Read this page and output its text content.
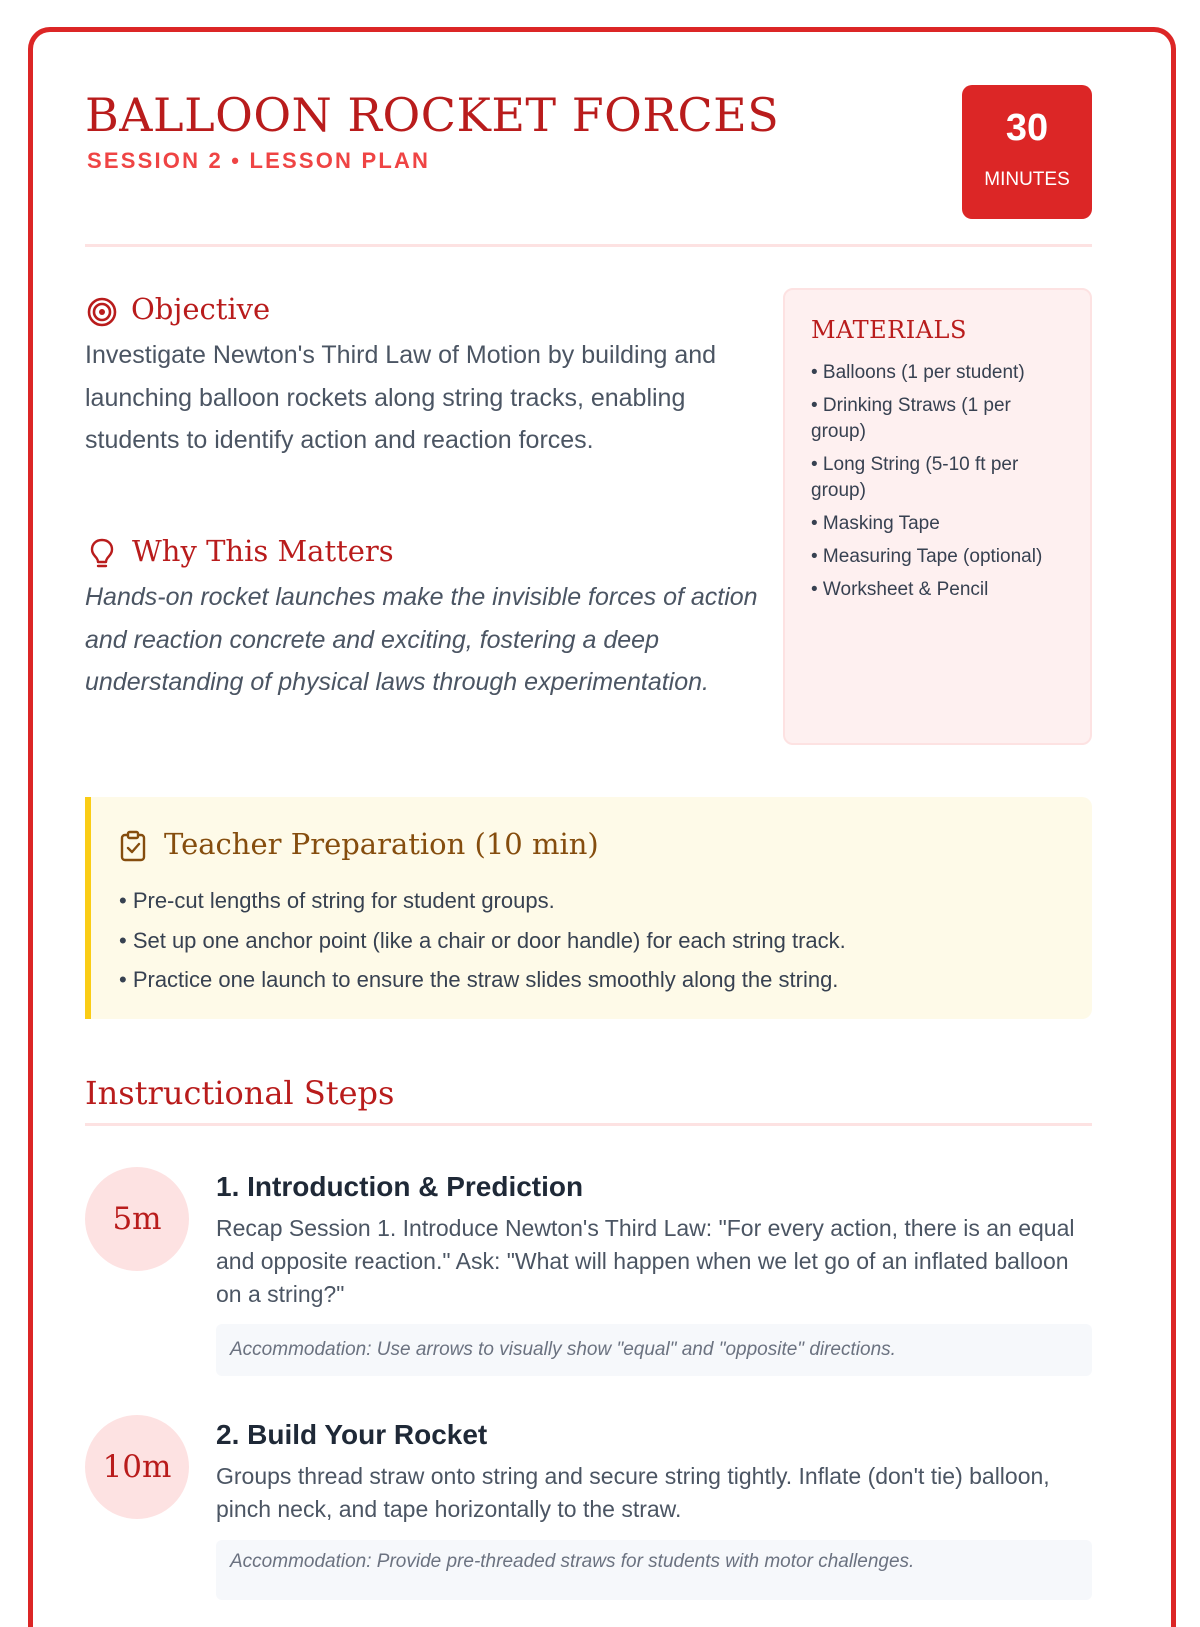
BALLOON ROCKET FORCES
SESSION 2 • LESSON PLAN
30
MINUTES
Objective
Investigate Newton's Third Law of Motion by building and launching balloon rockets along string tracks, enabling students to identify action and reaction forces.
Why This Matters
Hands-on rocket launches make the invisible forces of action and reaction concrete and exciting, fostering a deep understanding of physical laws through experimentation.
MATERIALS
• Balloons (1 per student)
• Drinking Straws (1 per group)
• Long String (5-10 ft per group)
• Masking Tape
• Measuring Tape (optional)
• Worksheet & Pencil
Teacher Preparation (10 min)
• Pre-cut lengths of string for student groups.
• Set up one anchor point (like a chair or door handle) for each string track.
• Practice one launch to ensure the straw slides smoothly along the string.
Instructional Steps
5m
1. Introduction & Prediction
Recap Session 1. Introduce Newton's Third Law: "For every action, there is an equal and opposite reaction." Ask: "What will happen when we let go of an inflated balloon on a string?"
Accommodation: Use arrows to visually show "equal" and "opposite" directions.
10m
2. Build Your Rocket
Groups thread straw onto string and secure string tightly. Inflate (don't tie) balloon, pinch neck, and tape horizontally to the straw.
Accommodation: Provide pre-threaded straws for students with motor challenges.
